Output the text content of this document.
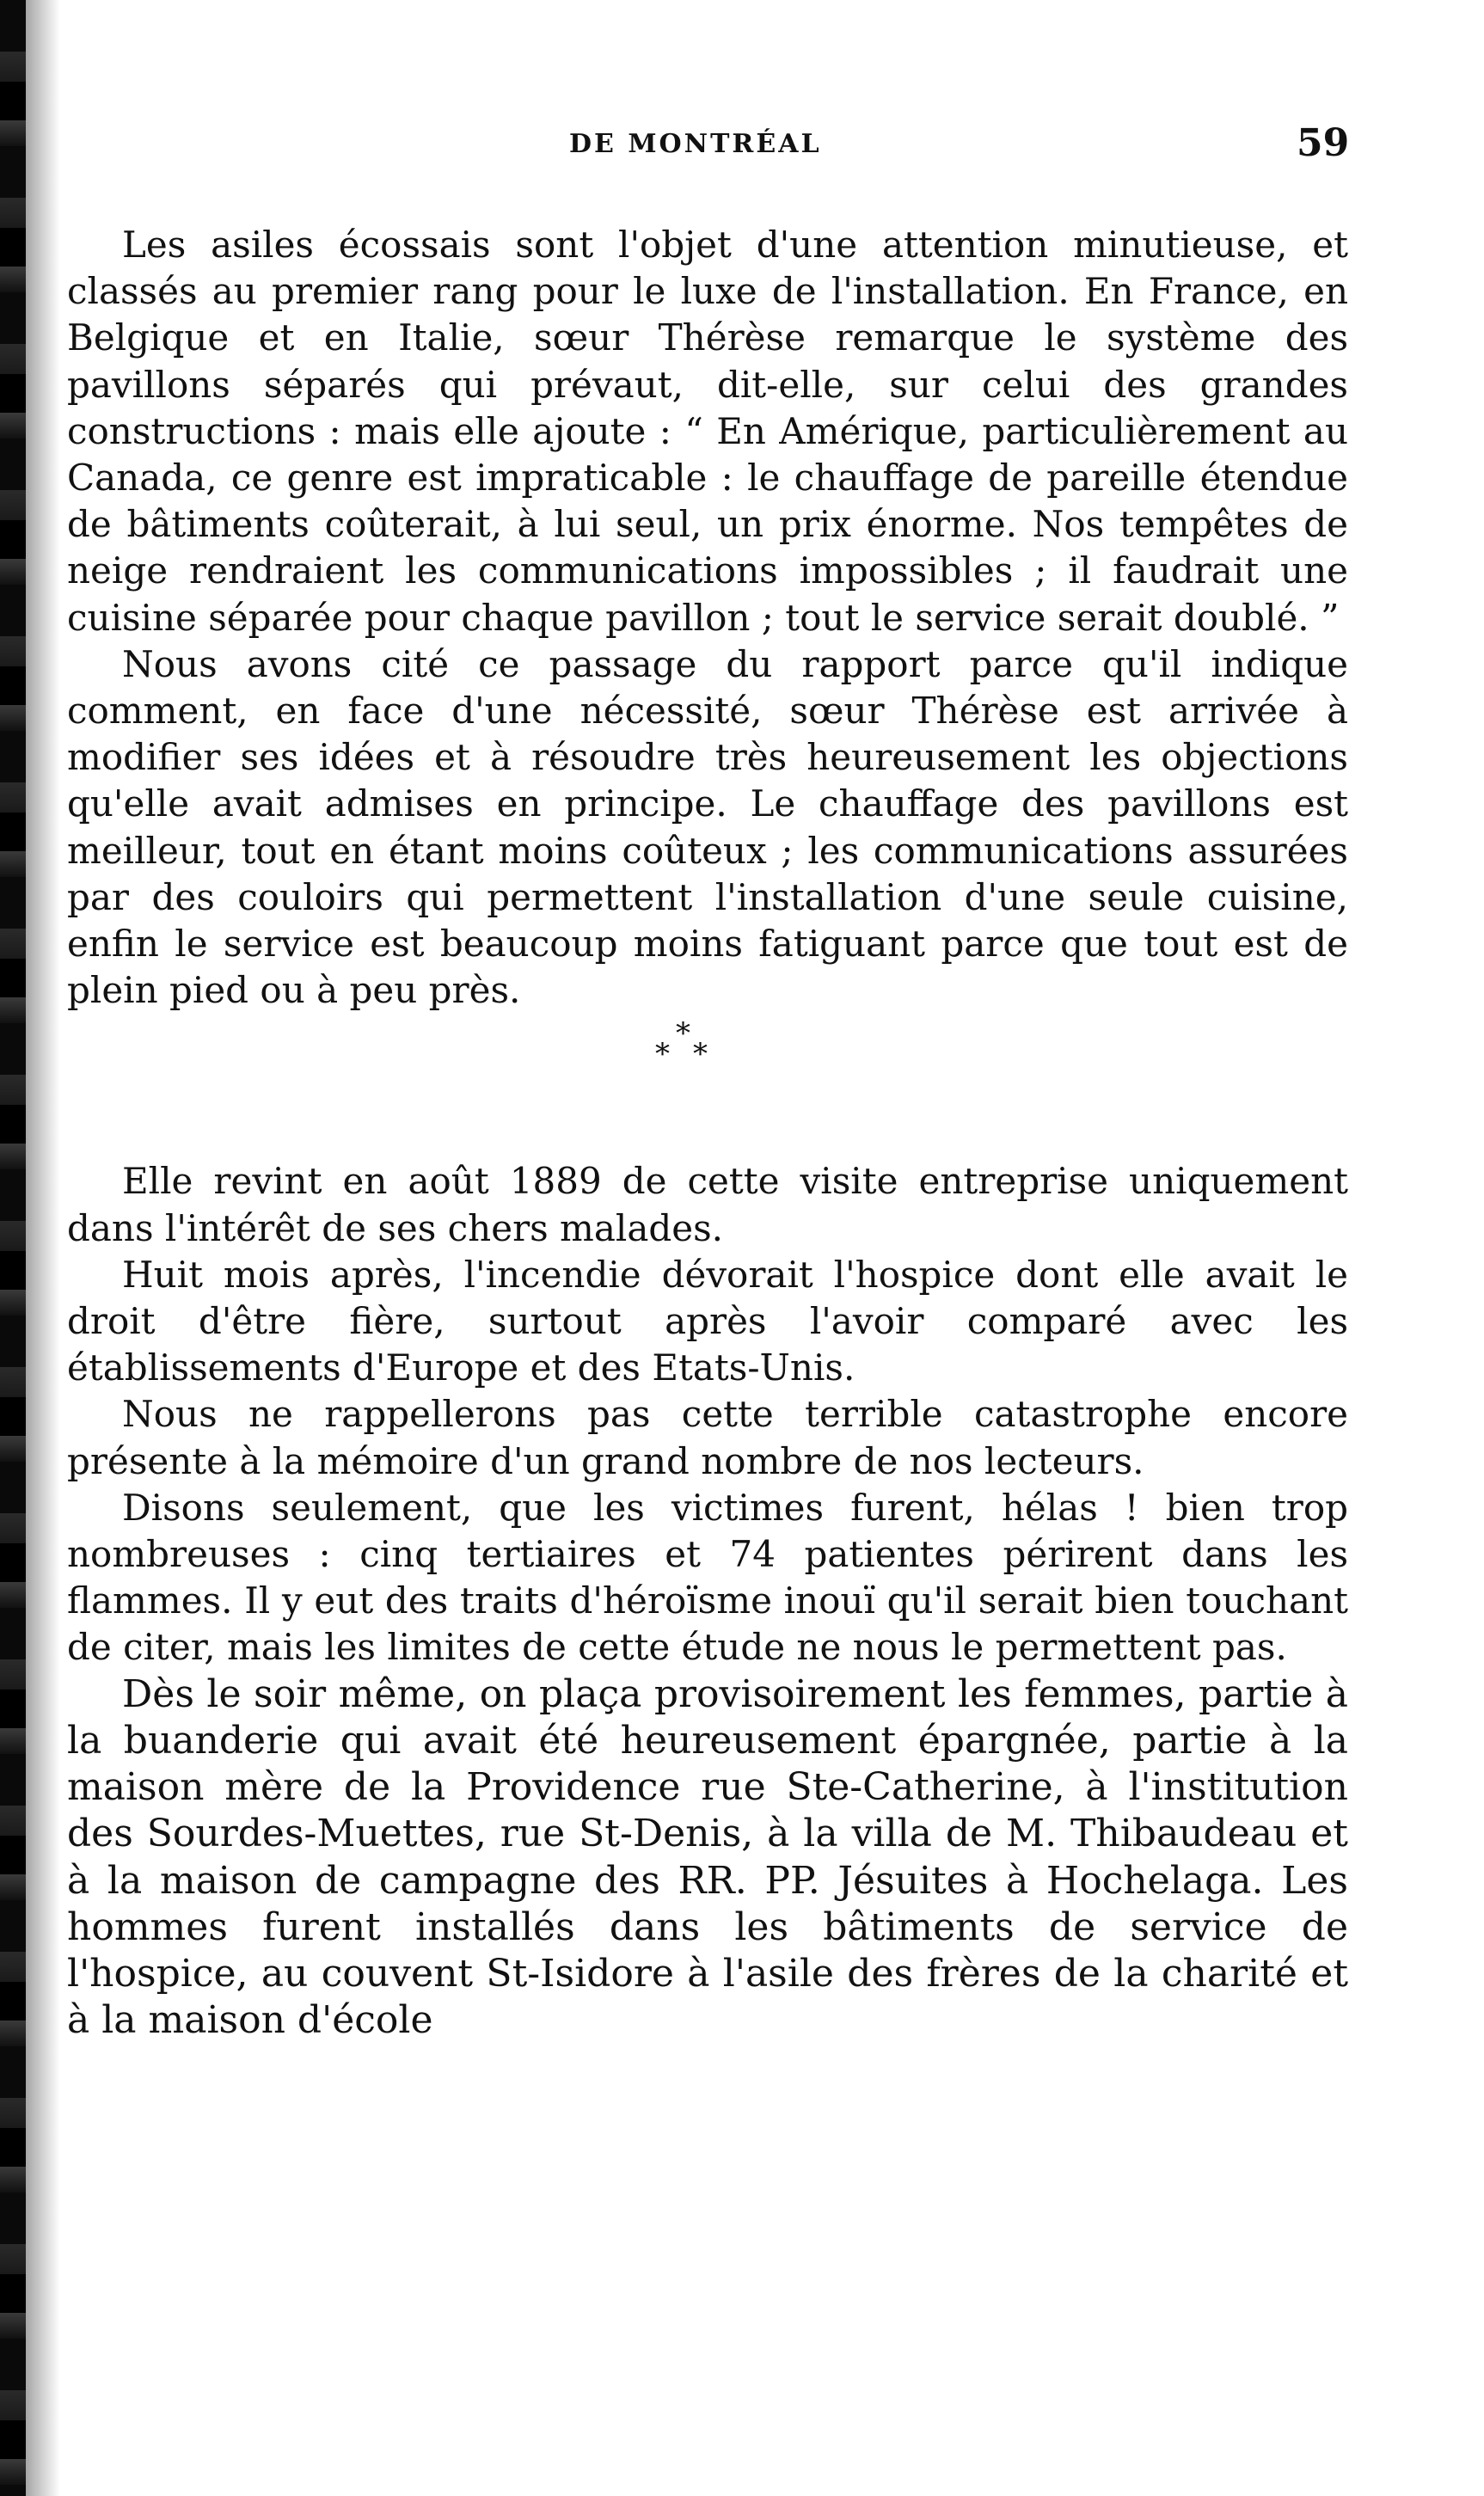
DE MONTRÉAL	59

Les asiles écossais sont l'objet d'une attention minutieuse, et classés au premier rang pour le luxe de l'installation. En France, en Belgique et en Italie, sœur Thérèse remarque le système des pavillons séparés qui prévaut, dit-elle, sur celui des grandes constructions : mais elle ajoute : “ En Amérique, particulièrement au Canada, ce genre est impraticable : le chauffage de pareille étendue de bâtiments coûterait, à lui seul, un prix énorme. Nos tempêtes de neige rendraient les communications impossibles ; il faudrait une cuisine séparée pour chaque pavillon ; tout le service serait doublé. ”

Nous avons cité ce passage du rapport parce qu'il indique comment, en face d'une nécessité, sœur Thérèse est arrivée à modifier ses idées et à résoudre très heureusement les objections qu'elle avait admises en principe. Le chauffage des pavillons est meilleur, tout en étant moins coûteux ; les communications assurées par des couloirs qui permettent l'installation d'une seule cuisine, enfin le service est beaucoup moins fatiguant parce que tout est de plein pied ou à peu près.

*
* *

Elle revint en août 1889 de cette visite entreprise uniquement dans l'intérêt de ses chers malades.

Huit mois après, l'incendie dévorait l'hospice dont elle avait le droit d'être fière, surtout après l'avoir comparé avec les établissements d'Europe et des Etats-Unis.

Nous ne rappellerons pas cette terrible catastrophe encore présente à la mémoire d'un grand nombre de nos lecteurs.

Disons seulement, que les victimes furent, hélas ! bien trop nombreuses : cinq tertiaires et 74 patientes périrent dans les flammes. Il y eut des traits d'héroïsme inouï qu'il serait bien touchant de citer, mais les limites de cette étude ne nous le permettent pas.

Dès le soir même, on plaça provisoirement les femmes, partie à la buanderie qui avait été heureusement épargnée, partie à la maison mère de la Providence rue Ste-Catherine, à l'institution des Sourdes-Muettes, rue St-Denis, à la villa de M. Thibaudeau et à la maison de campagne des RR. PP. Jésuites à Hochelaga. Les hommes furent installés dans les bâtiments de service de l'hospice, au couvent St-Isidore à l'asile des frères de la charité et à la maison d'école
